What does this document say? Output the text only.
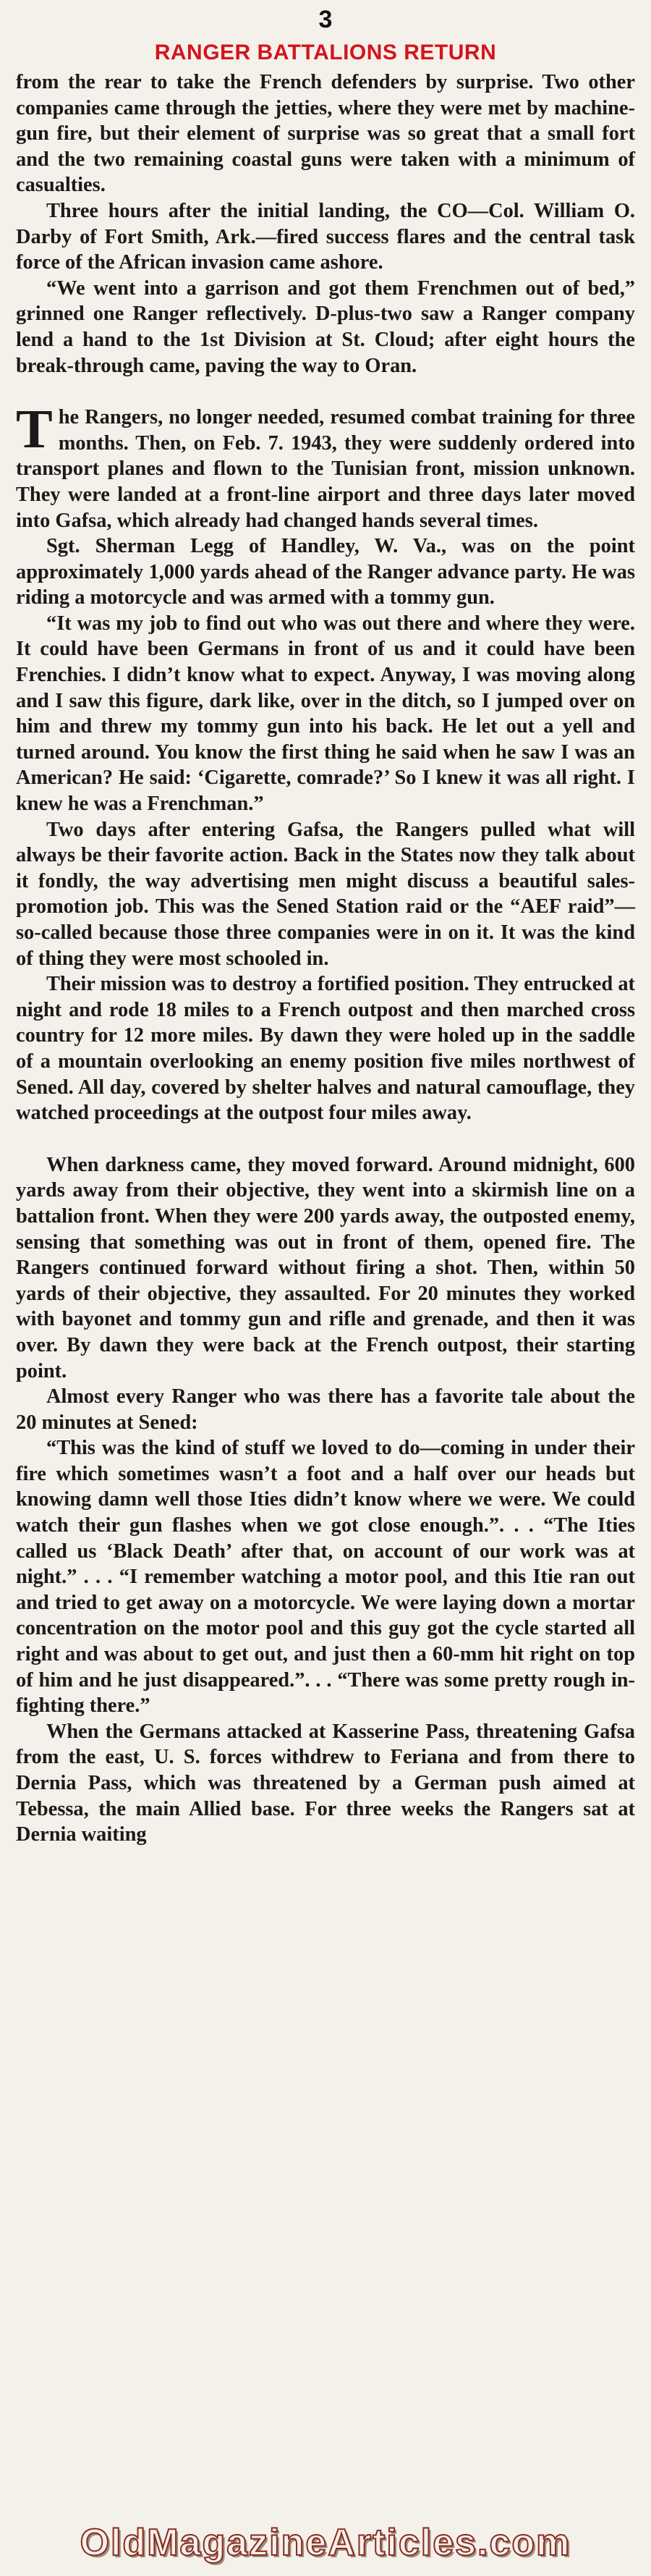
3
RANGER BATTALIONS RETURN

from the rear to take the French defenders by surprise. Two other companies came through the jetties, where they were met by machine-gun fire, but their element of surprise was so great that a small fort and the two remaining coastal guns were taken with a minimum of casualties.

Three hours after the initial landing, the CO—Col. William O. Darby of Fort Smith, Ark.—fired success flares and the central task force of the African invasion came ashore.

“We went into a garrison and got them Frenchmen out of bed,” grinned one Ranger reflectively. D-plus-two saw a Ranger company lend a hand to the 1st Division at St. Cloud; after eight hours the break-through came, paving the way to Oran.

The Rangers, no longer needed, resumed combat training for three months. Then, on Feb. 7. 1943, they were suddenly ordered into transport planes and flown to the Tunisian front, mission unknown. They were landed at a front-line airport and three days later moved into Gafsa, which already had changed hands several times.

Sgt. Sherman Legg of Handley, W. Va., was on the point approximately 1,000 yards ahead of the Ranger advance party. He was riding a motorcycle and was armed with a tommy gun.

“It was my job to find out who was out there and where they were. It could have been Germans in front of us and it could have been Frenchies. I didn’t know what to expect. Anyway, I was moving along and I saw this figure, dark like, over in the ditch, so I jumped over on him and threw my tommy gun into his back. He let out a yell and turned around. You know the first thing he said when he saw I was an American? He said: ‘Cigarette, comrade?’ So I knew it was all right. I knew he was a Frenchman.”

Two days after entering Gafsa, the Rangers pulled what will always be their favorite action. Back in the States now they talk about it fondly, the way advertising men might discuss a beautiful sales-promotion job. This was the Sened Station raid or the “AEF raid”—so-called because those three companies were in on it. It was the kind of thing they were most schooled in.

Their mission was to destroy a fortified position. They entrucked at night and rode 18 miles to a French outpost and then marched cross country for 12 more miles. By dawn they were holed up in the saddle of a mountain overlooking an enemy position five miles northwest of Sened. All day, covered by shelter halves and natural camouflage, they watched proceedings at the outpost four miles away.

When darkness came, they moved forward. Around midnight, 600 yards away from their objective, they went into a skirmish line on a battalion front. When they were 200 yards away, the outposted enemy, sensing that something was out in front of them, opened fire. The Rangers continued forward without firing a shot. Then, within 50 yards of their objective, they assaulted. For 20 minutes they worked with bayonet and tommy gun and rifle and grenade, and then it was over. By dawn they were back at the French outpost, their starting point.

Almost every Ranger who was there has a favorite tale about the 20 minutes at Sened:

“This was the kind of stuff we loved to do—coming in under their fire which sometimes wasn’t a foot and a half over our heads but knowing damn well those Ities didn’t know where we were. We could watch their gun flashes when we got close enough.”. . . “The Ities called us ‘Black Death’ after that, on account of our work was at night.” . . . “I remember watching a motor pool, and this Itie ran out and tried to get away on a motorcycle. We were laying down a mortar concentration on the motor pool and this guy got the cycle started all right and was about to get out, and just then a 60-mm hit right on top of him and he just disappeared.”. . . “There was some pretty rough in-fighting there.”

When the Germans attacked at Kasserine Pass, threatening Gafsa from the east, U. S. forces withdrew to Feriana and from there to Dernia Pass, which was threatened by a German push aimed at Tebessa, the main Allied base. For three weeks the Rangers sat at Dernia waiting

OldMagazineArticles.com
